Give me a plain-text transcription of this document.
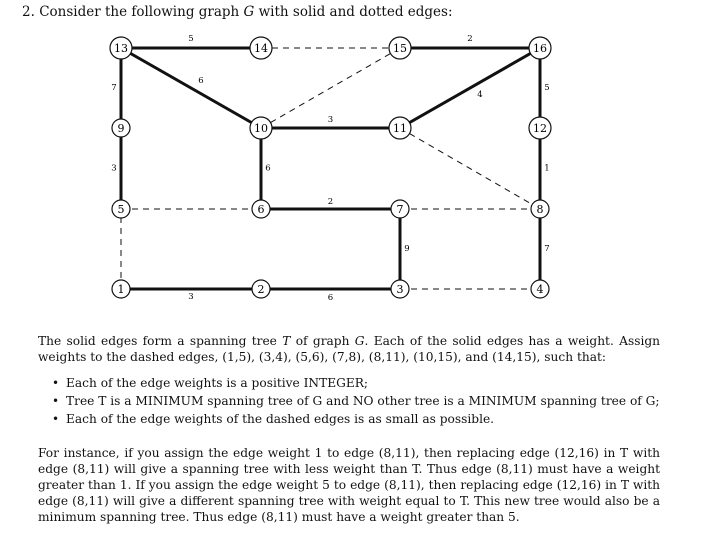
2. Consider the following graph G with solid and dotted edges:
5	2
7
6
3
4
5
3	6	1
2
9	7
3	6
13	14	15	16
9	10	11	12
5	6	7	8
1	2	3	4

The solid edges form a spanning tree T of graph G. Each of the solid edges has a weight. Assign weights to the dashed edges, (1,5), (3,4), (5,6), (7,8), (8,11), (10,15), and (14,15), such that:

• Each of the edge weights is a positive INTEGER;
• Tree T is a MINIMUM spanning tree of G and NO other tree is a MINIMUM spanning tree of G;
• Each of the edge weights of the dashed edges is as small as possible.

For instance, if you assign the edge weight 1 to edge (8,11), then replacing edge (12,16) in T with edge (8,11) will give a spanning tree with less weight than T. Thus edge (8,11) must have a weight greater than 1. If you assign the edge weight 5 to edge (8,11), then replacing edge (12,16) in T with edge (8,11) will give a different spanning tree with weight equal to T. This new tree would also be a minimum spanning tree. Thus edge (8,11) must have a weight greater than 5.
